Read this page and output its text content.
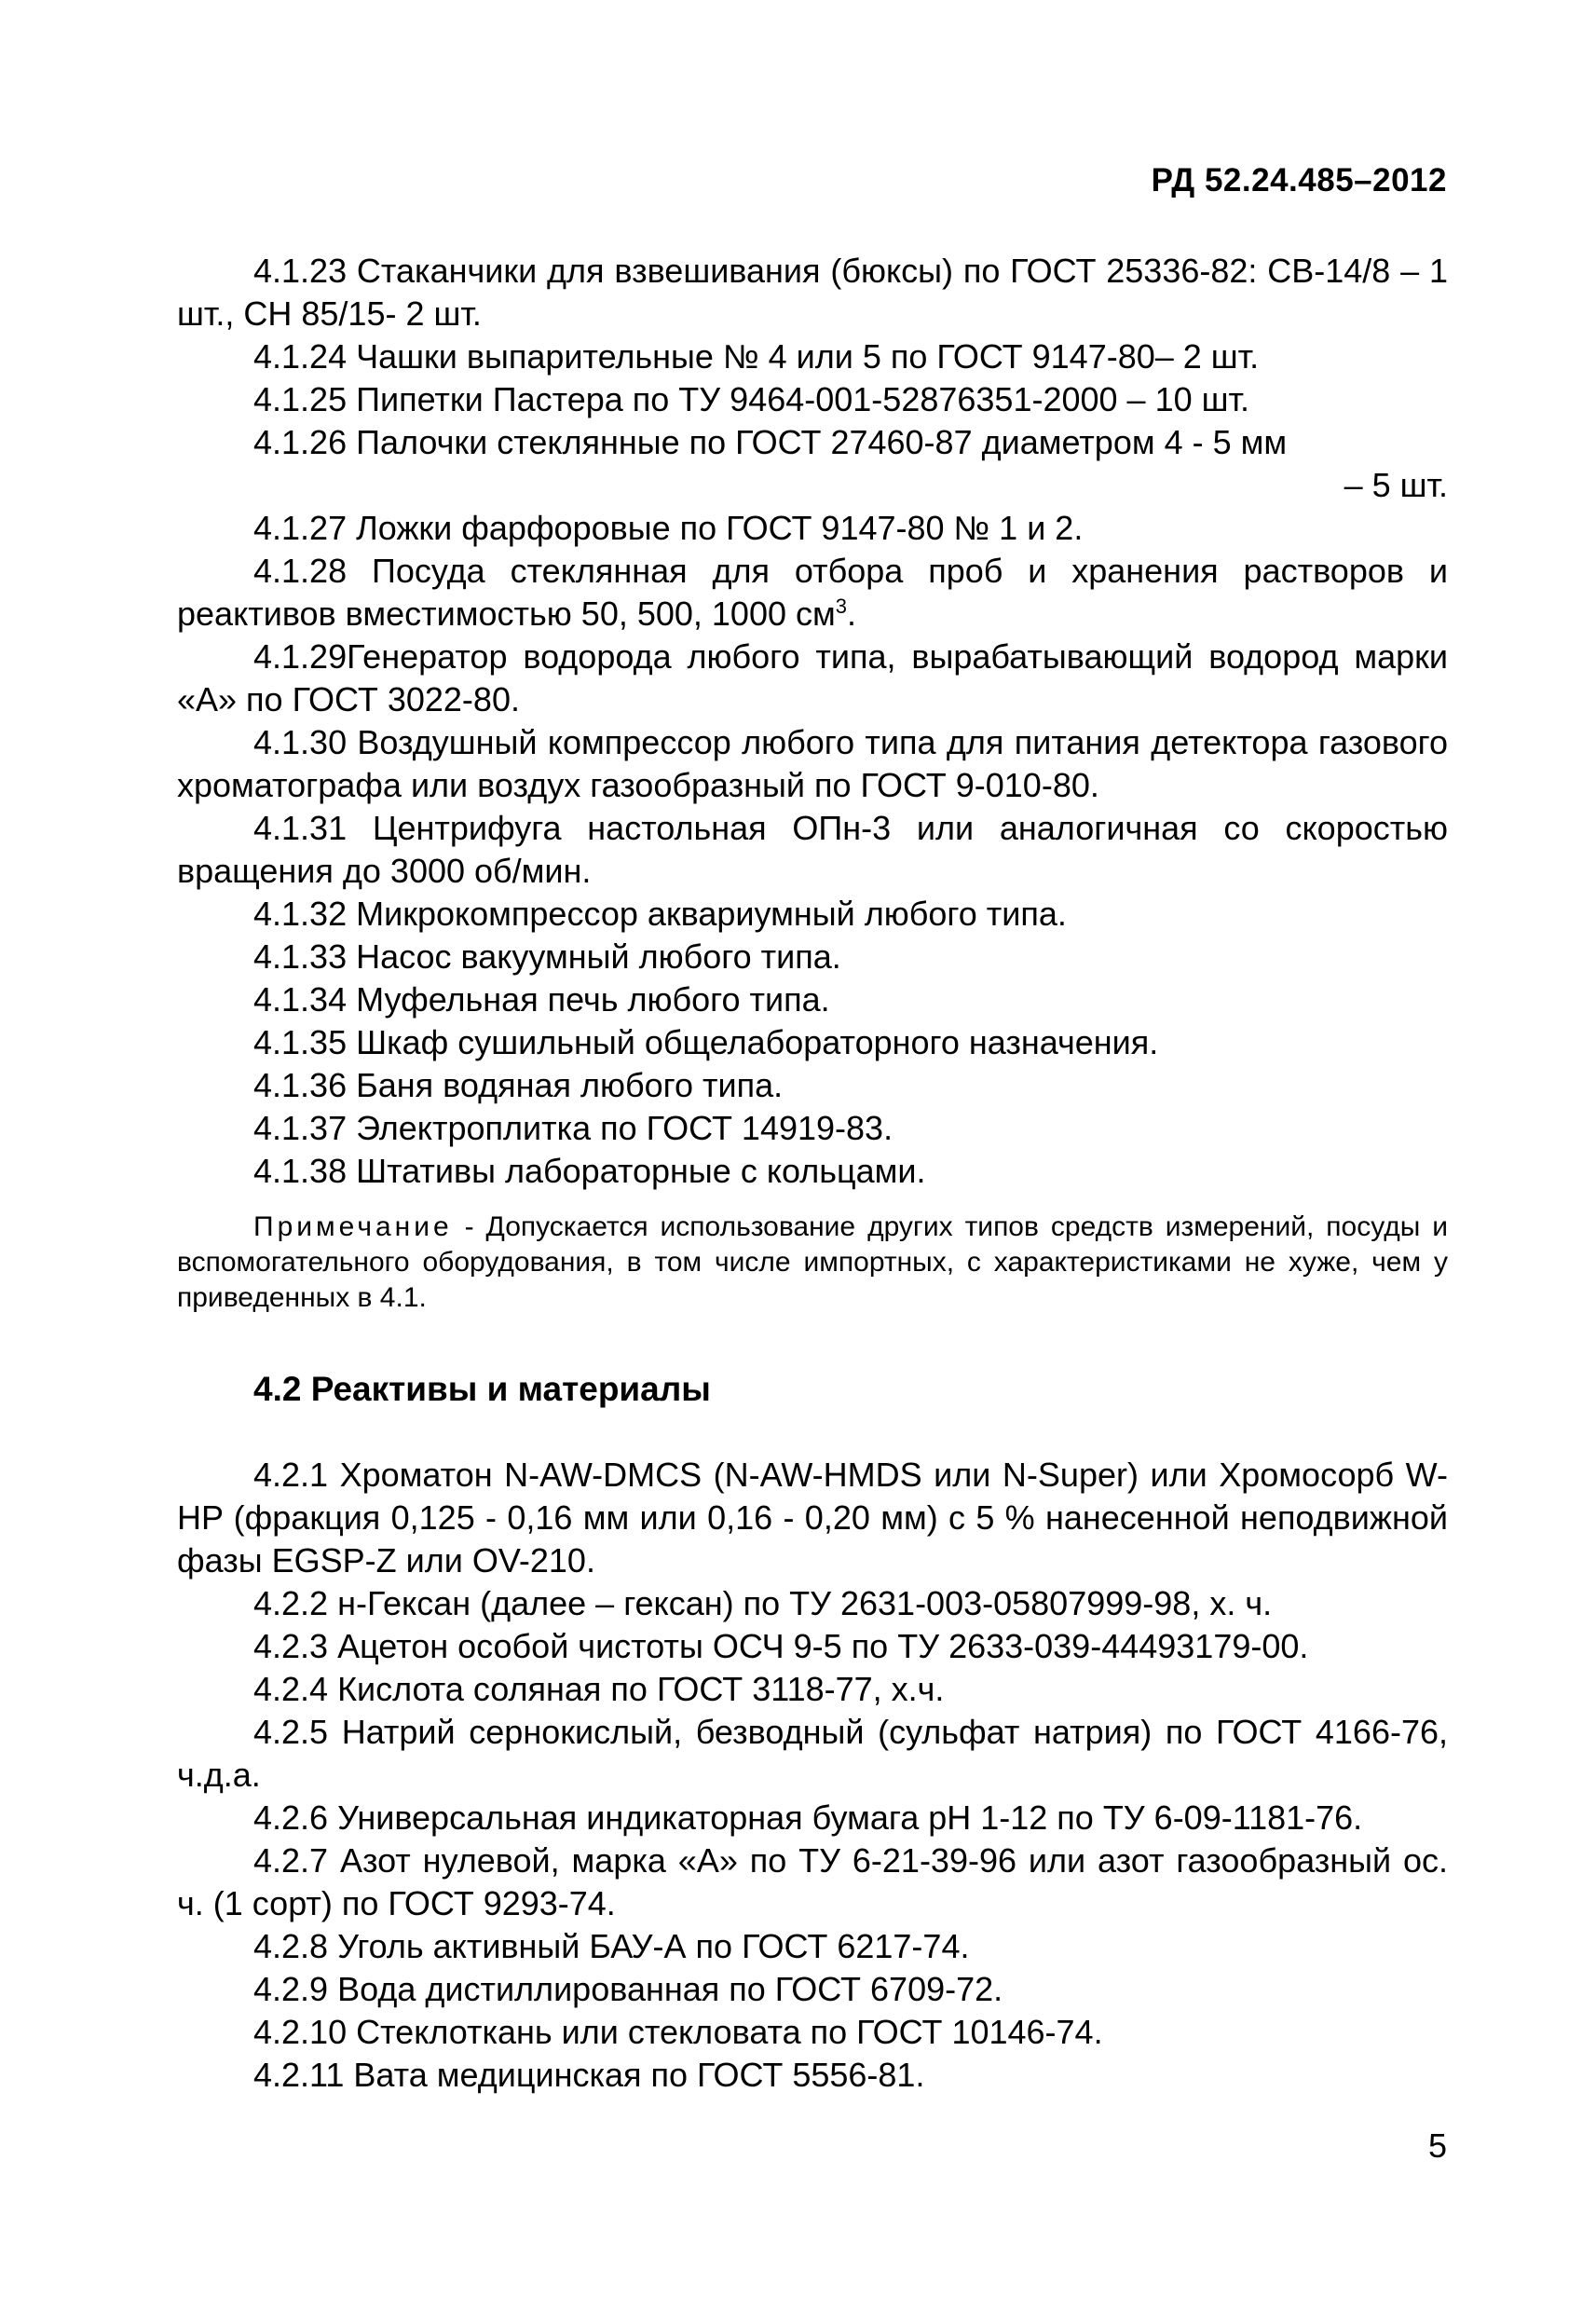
РД 52.24.485–2012

4.1.23 Стаканчики для взвешивания (бюксы) по ГОСТ 25336-82: СВ-14/8 – 1 шт., СН 85/15- 2 шт.

4.1.24 Чашки выпарительные № 4 или 5 по ГОСТ 9147-80– 2 шт.

4.1.25 Пипетки Пастера по ТУ 9464-001-52876351-2000 – 10 шт.

4.1.26 Палочки стеклянные по ГОСТ 27460-87 диаметром 4 - 5 мм

– 5 шт.

4.1.27 Ложки фарфоровые по ГОСТ 9147-80 № 1 и 2.

4.1.28 Посуда стеклянная для отбора проб и хранения растворов и реактивов вместимостью 50, 500, 1000 $см^3$.

4.1.29Генератор водорода любого типа, вырабатывающий водород марки «А» по ГОСТ 3022-80.

4.1.30 Воздушный компрессор любого типа для питания детектора газового хроматографа или воздух газообразный по ГОСТ 9-010-80.

4.1.31 Центрифуга настольная ОПн-3 или аналогичная со скоростью вращения до 3000 об/мин.

4.1.32 Микрокомпрессор аквариумный любого типа.

4.1.33 Насос вакуумный любого типа.

4.1.34 Муфельная печь любого типа.

4.1.35 Шкаф сушильный общелабораторного назначения.

4.1.36 Баня водяная любого типа.

4.1.37 Электроплитка по ГОСТ 14919-83.

4.1.38 Штативы лабораторные с кольцами.

Примечание - Допускается использование других типов средств измерений, посуды и вспомогательного оборудования, в том числе импортных, с характеристиками не хуже, чем у приведенных в 4.1.

4.2 Реактивы и материалы

4.2.1 Хроматон N-AW-DMCS (N-AW-HMDS или N-Super) или Хромосорб W-HP (фракция 0,125 - 0,16 мм или 0,16 - 0,20 мм) с 5 % нанесенной неподвижной фазы EGSP-Z или OV-210.

4.2.2 н-Гексан (далее – гексан) по ТУ 2631-003-05807999-98, х. ч.

4.2.3 Ацетон особой чистоты ОСЧ 9-5 по ТУ 2633-039-44493179-00.

4.2.4 Кислота соляная по ГОСТ 3118-77, х.ч.

4.2.5 Натрий сернокислый, безводный (сульфат натрия) по ГОСТ 4166-76, ч.д.а.

4.2.6 Универсальная индикаторная бумага pH 1-12 по ТУ 6-09-1181-76.

4.2.7 Азот нулевой, марка «А» по ТУ 6-21-39-96 или азот газообразный ос. ч. (1 сорт) по ГОСТ 9293-74.

4.2.8 Уголь активный БАУ-А по ГОСТ 6217-74.

4.2.9 Вода дистиллированная по ГОСТ 6709-72.

4.2.10 Стеклоткань или стекловата по ГОСТ 10146-74.

4.2.11 Вата медицинская по ГОСТ 5556-81.

5
